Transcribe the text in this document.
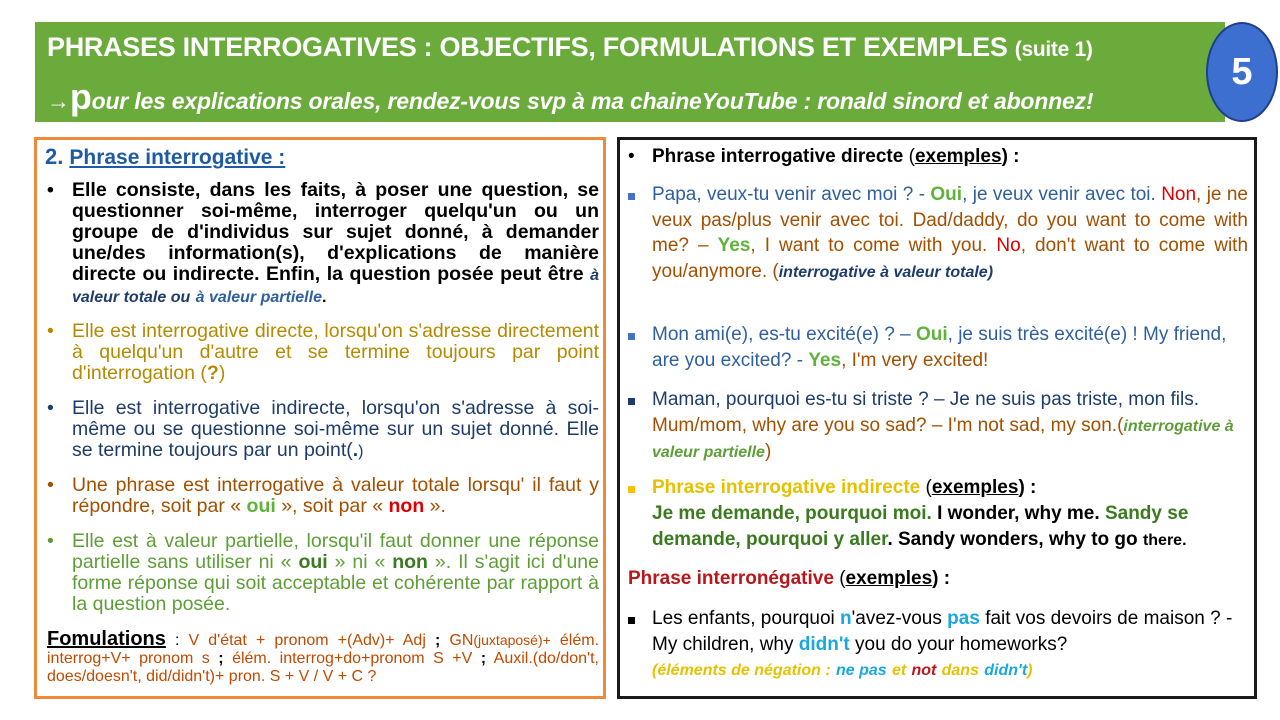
PHRASES INTERROGATIVES : OBJECTIFS, FORMULATIONS ET EXEMPLES (suite 1)
→pour les explications orales, rendez-vous svp à ma chaineYouTube : ronald sinord et abonnez!
5
2. Phrase interrogative :
• Elle consiste, dans les faits, à poser une question, se questionner soi-même, interroger quelqu'un ou un groupe de d'individus sur sujet donné, à demander une/des information(s), d'explications de manière directe ou indirecte. Enfin, la question posée peut être à valeur totale ou à valeur partielle.
• Elle est interrogative directe, lorsqu'on s'adresse directement à quelqu'un d'autre et se termine toujours par point d'interrogation (?)
• Elle est interrogative indirecte, lorsqu'on s'adresse à soi-même ou se questionne soi-même sur un sujet donné. Elle se termine toujours par un point(.)
• Une phrase est interrogative à valeur totale lorsqu' il faut y répondre, soit par « oui », soit par « non ».
• Elle est à valeur partielle, lorsqu'il faut donner une réponse partielle sans utiliser ni « oui » ni « non ». Il s'agit ici d'une forme réponse qui soit acceptable et cohérente par rapport à la question posée.
Fomulations : V d'état + pronom +(Adv)+ Adj ; GN(juxtaposé)+ élém. interrog+V+ pronom s ; élém. interrog+do+pronom S +V ; Auxil.(do/don't, does/doesn't, did/didn't)+ pron. S + V / V + C ?
• Phrase interrogative directe (exemples) :
Papa, veux-tu venir avec moi ? - Oui, je veux venir avec toi. Non, je ne veux pas/plus venir avec toi. Dad/daddy, do you want to come with me? – Yes, I want to come with you. No, don't want to come with you/anymore. (interrogative à valeur totale)
Mon ami(e), es-tu excité(e) ? – Oui, je suis très excité(e) ! My friend, are you excited? - Yes, I'm very excited!
Maman, pourquoi es-tu si triste ? – Je ne suis pas triste, mon fils. Mum/mom, why are you so sad? – I'm not sad, my son.(interrogative à valeur partielle)
Phrase interrogative indirecte (exemples) :
Je me demande, pourquoi moi. I wonder, why me. Sandy se demande, pourquoi y aller. Sandy wonders, why to go there.
Phrase interronégative (exemples) :
Les enfants, pourquoi n'avez-vous pas fait vos devoirs de maison ? - My children, why didn't you do your homeworks?
(éléments de négation : ne pas et not dans didn't)
